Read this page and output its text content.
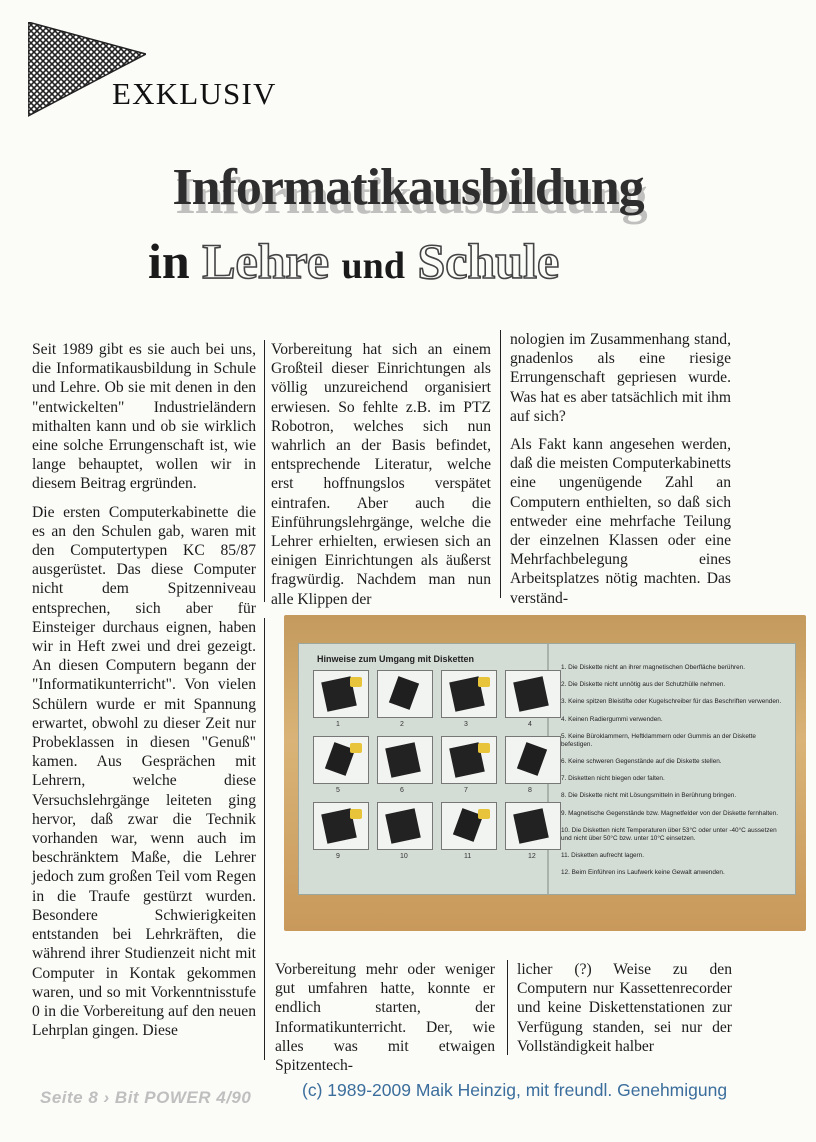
EXKLUSIV
Informatikausbildung
in Lehre und Schule

Seit 1989 gibt es sie auch bei uns, die Informatikausbildung in Schule und Lehre. Ob sie mit denen in den "entwickelten" Industrieländern mithalten kann und ob sie wirklich eine solche Errungenschaft ist, wie lange behauptet, wollen wir in diesem Beitrag ergründen.

Die ersten Computerkabinette die es an den Schulen gab, waren mit den Computertypen KC 85/87 ausgerüstet. Das diese Computer nicht dem Spitzenniveau entsprechen, sich aber für Einsteiger durchaus eignen, haben wir in Heft zwei und drei gezeigt. An diesen Computern begann der "Informatikunterricht". Von vielen Schülern wurde er mit Spannung erwartet, obwohl zu dieser Zeit nur Probeklassen in diesen "Genuß" kamen. Aus Gesprächen mit Lehrern, welche diese Versuchslehrgänge leiteten ging hervor, daß zwar die Technik vorhanden war, wenn auch im beschränktem Maße, die Lehrer jedoch zum großen Teil vom Regen in die Traufe gestürzt wurden. Besondere Schwierigkeiten entstanden bei Lehrkräften, die während ihrer Studienzeit nicht mit Computer in Kontak gekommen waren, und so mit Vorkenntnisstufe 0 in die Vorbereitung auf den neuen Lehrplan gingen. Diese

Vorbereitung hat sich an einem Großteil dieser Einrichtungen als völlig unzureichend organisiert erwiesen. So fehlte z.B. im PTZ Robotron, welches sich nun wahrlich an der Basis befindet, entsprechende Literatur, welche erst hoffnungslos verspätet eintrafen. Aber auch die Einführungslehrgänge, welche die Lehrer erhielten, erwiesen sich an einigen Einrichtungen als äußerst fragwürdig. Nachdem man nun alle Klippen der

nologien im Zusammenhang stand, gnadenlos als eine riesige Errungenschaft gepriesen wurde. Was hat es aber tatsächlich mit ihm auf sich?

Als Fakt kann angesehen werden, daß die meisten Computerkabinetts eine ungenügende Zahl an Computern enthielten, so daß sich entweder eine mehrfache Teilung der einzelnen Klassen oder eine Mehrfachbelegung eines Arbeitsplatzes nötig machten. Das verständ-

Hinweise zum Umgang mit Disketten
1	2	3	4
5	6	7	8
9	10	11	12
1. Die Diskette nicht an ihrer magnetischen Oberfläche berühren.
2. Die Diskette nicht unnötig aus der Schutzhülle nehmen.
3. Keine spitzen Bleistifte oder Kugelschreiber für das Beschriften verwenden.
4. Keinen Radiergummi verwenden.
5. Keine Büroklammern, Heftklammern oder Gummis an der Diskette befestigen.
6. Keine schweren Gegenstände auf die Diskette stellen.
7. Disketten nicht biegen oder falten.
8. Die Diskette nicht mit Lösungsmitteln in Berührung bringen.
9. Magnetische Gegenstände bzw. Magnetfelder von der Diskette fernhalten.
10. Die Disketten nicht Temperaturen über 53°C oder unter -40°C aussetzen und nicht über 50°C bzw. unter 10°C einsetzen.
11. Disketten aufrecht lagern.
12. Beim Einführen ins Laufwerk keine Gewalt anwenden.

Vorbereitung mehr oder weniger gut umfahren hatte, konnte er endlich starten, der Informatikunterricht. Der, wie alles was mit etwaigen Spitzentech-

licher (?) Weise zu den Computern nur Kassettenrecorder und keine Diskettenstationen zur Verfügung standen, sei nur der Vollständigkeit halber

Seite 8 › Bit POWER 4/90	(c) 1989-2009 Maik Heinzig, mit freundl. Genehmigung
